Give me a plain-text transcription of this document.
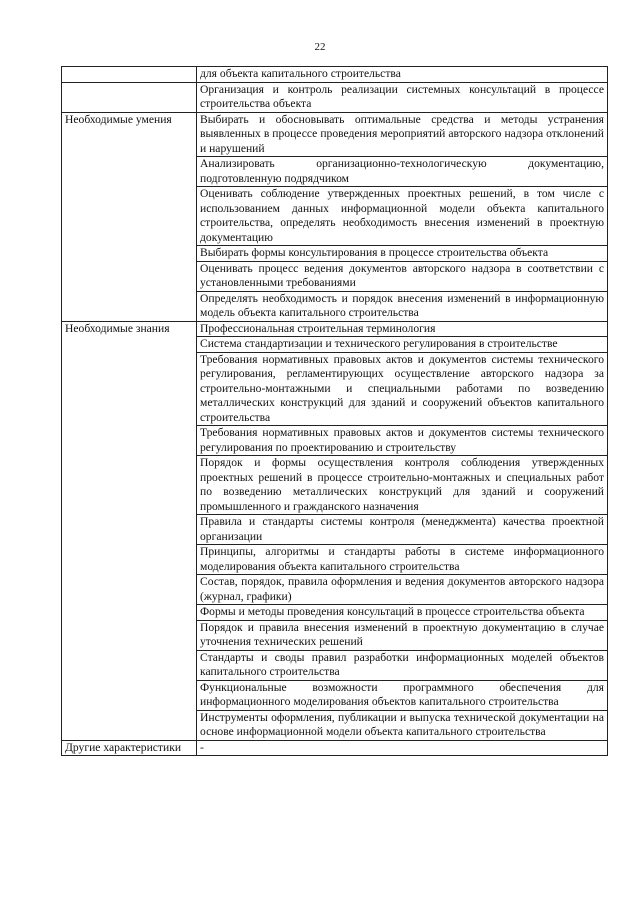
22
	для объекта капитального строительства
	Организация и контроль реализации системных консультаций в процессе строительства объекта
Необходимые умения	Выбирать и обосновывать оптимальные средства и методы устранения выявленных в процессе проведения мероприятий авторского надзора отклонений и нарушений
	Анализировать организационно-технологическую документацию, подготовленную подрядчиком
	Оценивать соблюдение утвержденных проектных решений, в том числе с использованием данных информационной модели объекта капитального строительства, определять необходимость внесения изменений в проектную документацию
	Выбирать формы консультирования в процессе строительства объекта
	Оценивать процесс ведения документов авторского надзора в соответствии с установленными требованиями
	Определять необходимость и порядок внесения изменений в информационную модель объекта капитального строительства
Необходимые знания	Профессиональная строительная терминология
	Система стандартизации и технического регулирования в строительстве
	Требования нормативных правовых актов и документов системы технического регулирования, регламентирующих осуществление авторского надзора за строительно-монтажными и специальными работами по возведению металлических конструкций для зданий и сооружений объектов капитального строительства
	Требования нормативных правовых актов и документов системы технического регулирования по проектированию и строительству
	Порядок и формы осуществления контроля соблюдения утвержденных проектных решений в процессе строительно-монтажных и специальных работ по возведению металлических конструкций для зданий и сооружений промышленного и гражданского назначения
	Правила и стандарты системы контроля (менеджмента) качества проектной организации
	Принципы, алгоритмы и стандарты работы в системе информационного моделирования объекта капитального строительства
	Состав, порядок, правила оформления и ведения документов авторского надзора (журнал, графики)
	Формы и методы проведения консультаций в процессе строительства объекта
	Порядок и правила внесения изменений в проектную документацию в случае уточнения технических решений
	Стандарты и своды правил разработки информационных моделей объектов капитального строительства
	Функциональные возможности программного обеспечения для информационного моделирования объектов капитального строительства
	Инструменты оформления, публикации и выпуска технической документации на основе информационной модели объекта капитального строительства
Другие характеристики	-
